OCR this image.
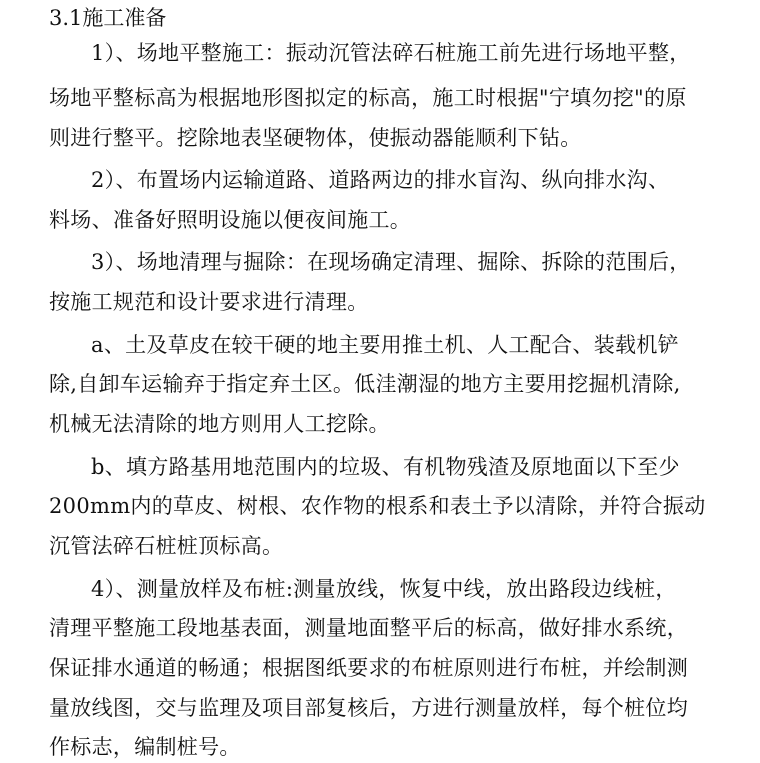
3.1施工准备
1）、场地平整施工：振动沉管法碎石桩施工前先进行场地平整，
场地平整标高为根据地形图拟定的标高，施工时根据"宁填勿挖"的原
则进行整平。挖除地表坚硬物体，使振动器能顺利下钻。
2）、布置场内运输道路、道路两边的排水盲沟、纵向排水沟、
料场、准备好照明设施以便夜间施工。
3）、场地清理与掘除：在现场确定清理、掘除、拆除的范围后，
按施工规范和设计要求进行清理。
a、土及草皮在较干硬的地主要用推土机、人工配合、装载机铲
除,自卸车运输弃于指定弃土区。低洼潮湿的地方主要用挖掘机清除,
机械无法清除的地方则用人工挖除。
b、填方路基用地范围内的垃圾、有机物残渣及原地面以下至少
200mm内的草皮、树根、农作物的根系和表土予以清除，并符合振动
沉管法碎石桩桩顶标高。
4）、测量放样及布桩:测量放线，恢复中线，放出路段边线桩，
清理平整施工段地基表面，测量地面整平后的标高，做好排水系统，
保证排水通道的畅通；根据图纸要求的布桩原则进行布桩，并绘制测
量放线图，交与监理及项目部复核后，方进行测量放样，每个桩位均
作标志，编制桩号。
